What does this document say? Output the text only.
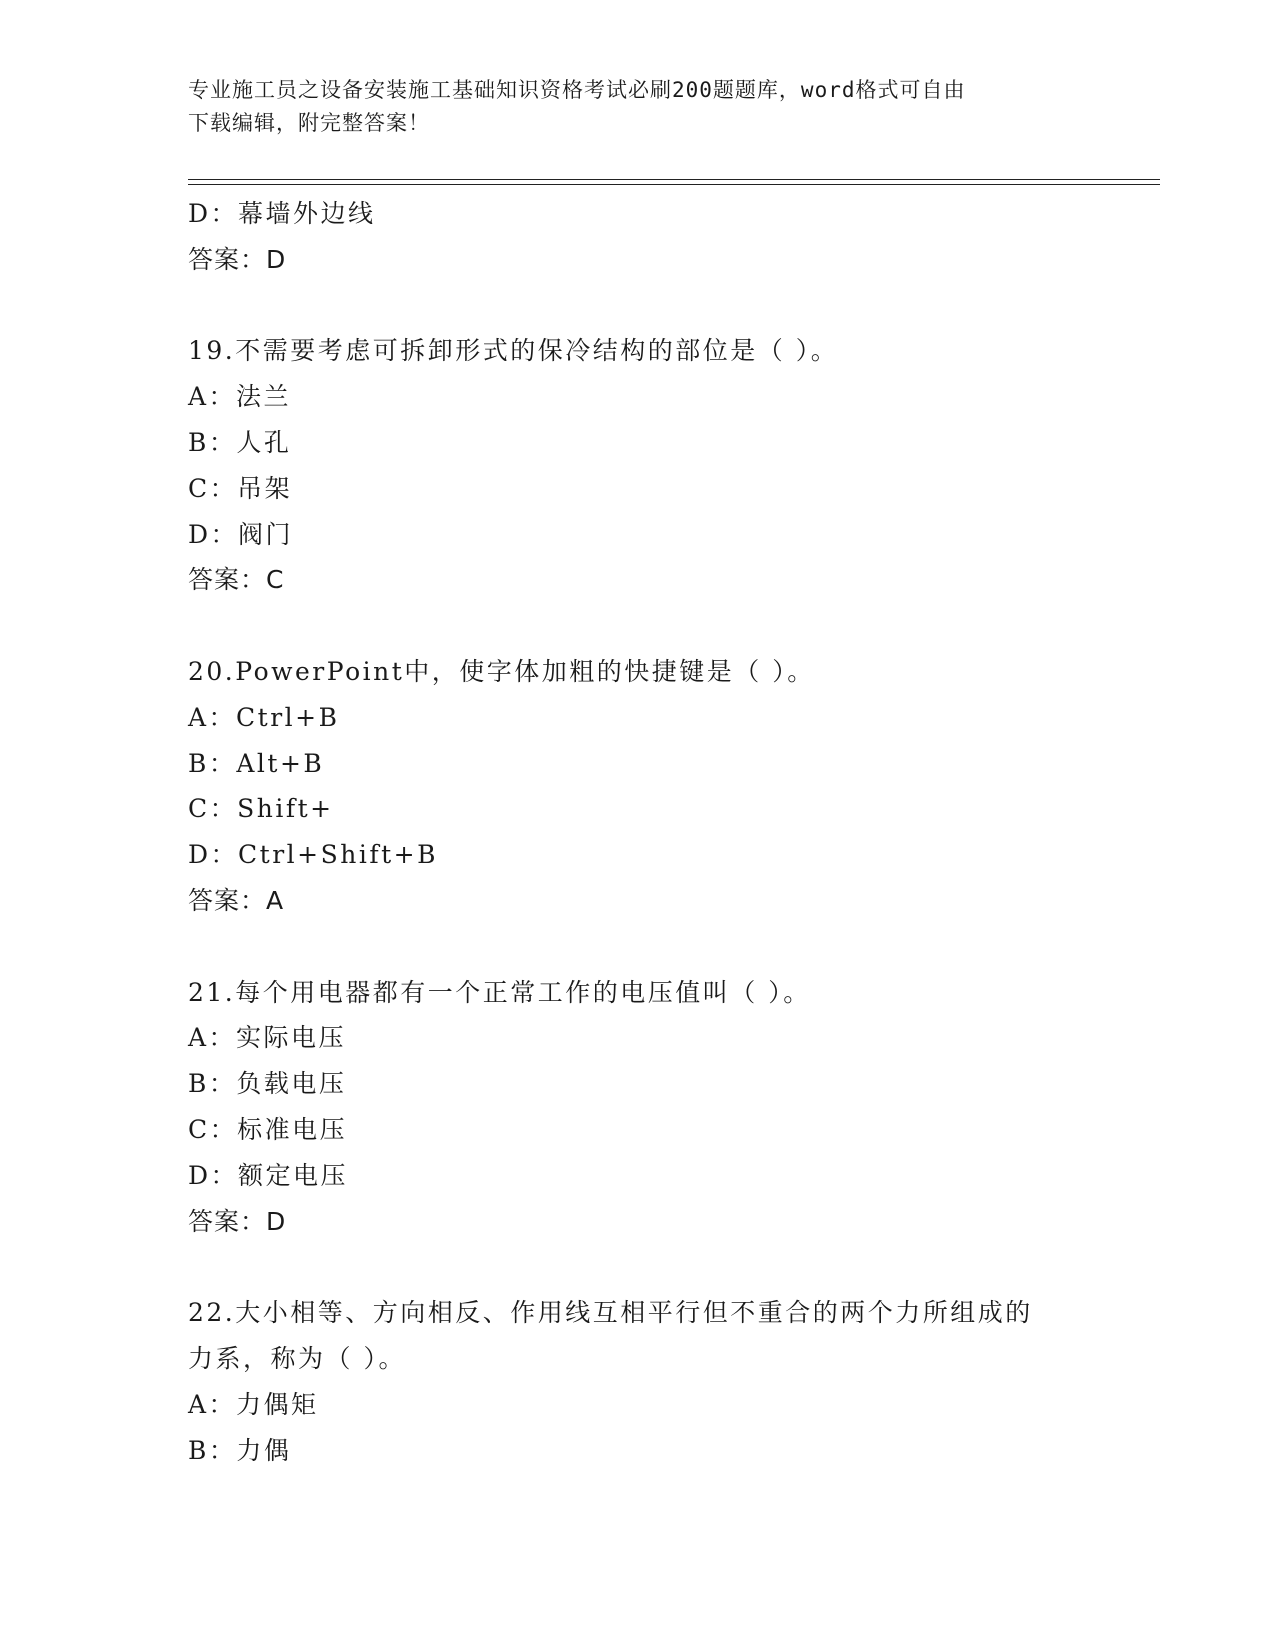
专业施工员之设备安装施工基础知识资格考试必刷200题题库，word格式可自由
下载编辑，附完整答案！
D：幕墙外边线
答案：D
19.不需要考虑可拆卸形式的保冷结构的部位是（ ）。
A：法兰
B：人孔
C：吊架
D：阀门
答案：C
20.PowerPoint中，使字体加粗的快捷键是（ ）。
A：Ctrl+B
B：Alt+B
C：Shift+
D：Ctrl+Shift+B
答案：A
21.每个用电器都有一个正常工作的电压值叫（ ）。
A：实际电压
B：负载电压
C：标准电压
D：额定电压
答案：D
22.大小相等、方向相反、作用线互相平行但不重合的两个力所组成的
力系，称为（ ）。
A：力偶矩
B：力偶
